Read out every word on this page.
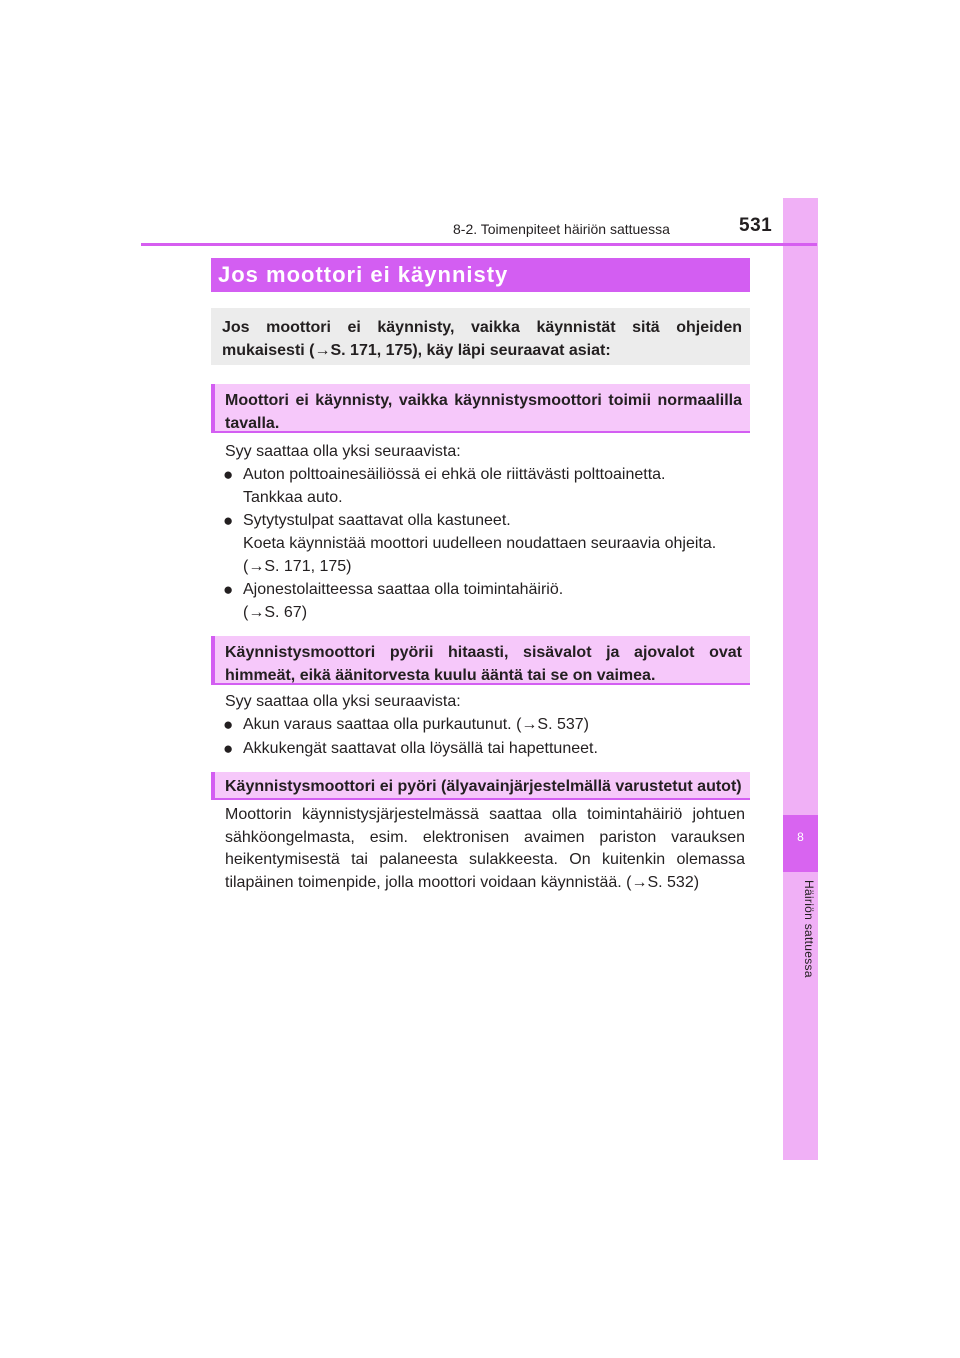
8
Häiriön sattuessa
8-2. Toimenpiteet häiriön sattuessa	531
Jos moottori ei käynnisty
Jos moottori ei käynnisty, vaikka käynnistät sitä ohjeiden mukaisesti (→S. 171, 175), käy läpi seuraavat asiat:
Moottori ei käynnisty, vaikka käynnistysmoottori toimii normaalilla tavalla.
Syy saattaa olla yksi seuraavista:
● Auton polttoainesäiliössä ei ehkä ole riittävästi polttoainetta.
Tankkaa auto.
● Sytytystulpat saattavat olla kastuneet.
Koeta käynnistää moottori uudelleen noudattaen seuraavia ohjeita.
(→S. 171, 175)
● Ajonestolaitteessa saattaa olla toimintahäiriö.
(→S. 67)
Käynnistysmoottori pyörii hitaasti, sisävalot ja ajovalot ovat himmeät, eikä äänitorvesta kuulu ääntä tai se on vaimea.
Syy saattaa olla yksi seuraavista:
● Akun varaus saattaa olla purkautunut. (→S. 537)
● Akkukengät saattavat olla löysällä tai hapettuneet.
Käynnistysmoottori ei pyöri (älyavainjärjestelmällä varustetut autot)
Moottorin käynnistysjärjestelmässä saattaa olla toimintahäiriö johtuen sähköongelmasta, esim. elektronisen avaimen pariston varauksen heikentymisestä tai palaneesta sulakkeesta. On kuitenkin olemassa tilapäinen toimenpide, jolla moottori voidaan käynnistää. (→S. 532)
